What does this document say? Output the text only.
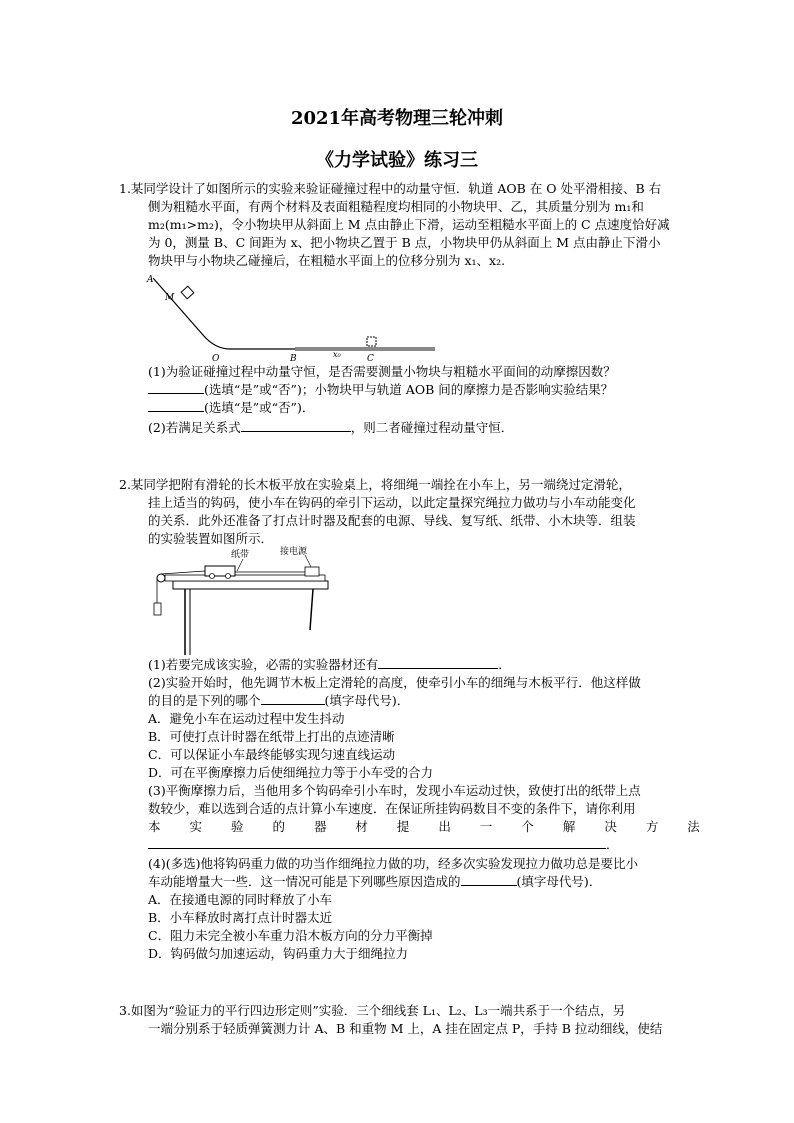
2021年高考物理三轮冲刺
《力学试验》练习三
1.某同学设计了如图所示的实验来验证碰撞过程中的动量守恒．轨道 AOB 在 O 处平滑相接、B 右
侧为粗糙水平面，有两个材料及表面粗糙程度均相同的小物块甲、乙，其质量分别为 m₁和
m₂(m₁>m₂)，令小物块甲从斜面上 M 点由静止下滑，运动至粗糙水平面上的 C 点速度恰好减
为 0，测量 B、C 间距为 x、把小物块乙置于 B 点，小物块甲仍从斜面上 M 点由静止下滑小
物块甲与小物块乙碰撞后，在粗糙水平面上的位移分别为 x₁、x₂.
A
M
O	B	x₀	C
(1)为验证碰撞过程中动量守恒，是否需要测量小物块与粗糙水平面间的动摩擦因数？
(选填“是”或“否”)；小物块甲与轨道 AOB 间的摩擦力是否影响实验结果？
(选填“是”或“否”)．
(2)若满足关系式	，则二者碰撞过程动量守恒．
2.某同学把附有滑轮的长木板平放在实验桌上，将细绳一端拴在小车上，另一端绕过定滑轮，
挂上适当的钩码，使小车在钩码的牵引下运动，以此定量探究绳拉力做功与小车动能变化
的关系．此外还准备了打点计时器及配套的电源、导线、复写纸、纸带、小木块等．组装
的实验装置如图所示．
纸带	接电源
(1)若要完成该实验，必需的实验器材还有	．
(2)实验开始时，他先调节木板上定滑轮的高度，使牵引小车的细绳与木板平行．他这样做
的目的是下列的哪个	(填字母代号)．
A．避免小车在运动过程中发生抖动
B．可使打点计时器在纸带上打出的点迹清晰
C．可以保证小车最终能够实现匀速直线运动
D．可在平衡摩擦力后使细绳拉力等于小车受的合力
(3)平衡摩擦力后，当他用多个钩码牵引小车时，发现小车运动过快，致使打出的纸带上点
数较少，难以选到合适的点计算小车速度．在保证所挂钩码数目不变的条件下，请你利用
本 实 验 的 器 材 提 出 一 个 解 决 方 法
．
(4)(多选)他将钩码重力做的功当作细绳拉力做的功，经多次实验发现拉力做功总是要比小
车动能增量大一些．这一情况可能是下列哪些原因造成的	(填字母代号)．
A．在接通电源的同时释放了小车
B．小车释放时离打点计时器太近
C．阻力未完全被小车重力沿木板方向的分力平衡掉
D．钩码做匀加速运动，钩码重力大于细绳拉力
3.如图为“验证力的平行四边形定则”实验．三个细线套 L₁、L₂、L₃一端共系于一个结点，另
一端分别系于轻质弹簧测力计 A、B 和重物 M 上，A 挂在固定点 P，手持 B 拉动细线，使结
